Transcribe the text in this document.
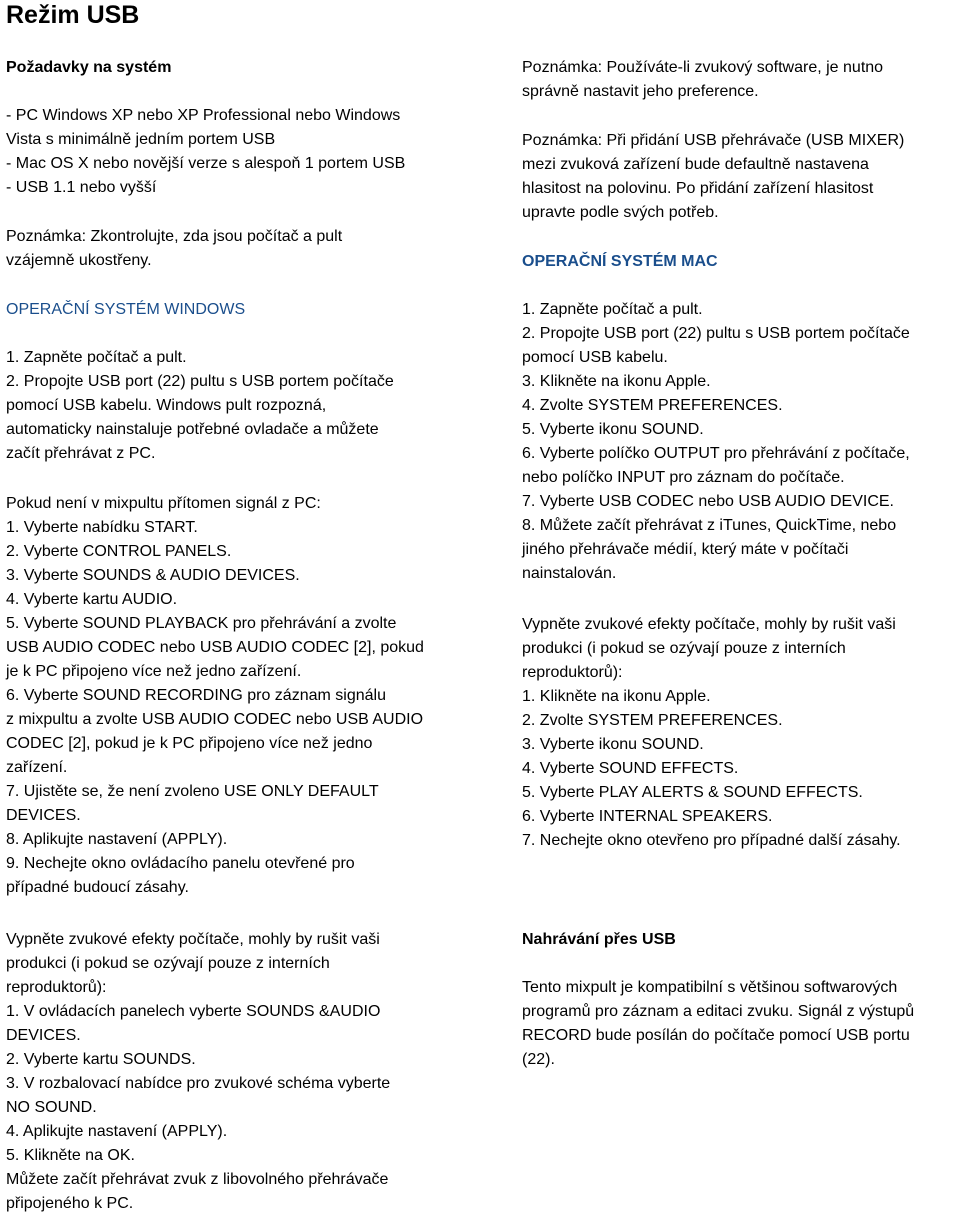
Režim USB

Požadavky na systém

- PC Windows XP nebo XP Professional nebo Windows
Vista s minimálně jedním portem USB
- Mac OS X nebo novější verze s alespoň 1 portem USB
- USB 1.1 nebo vyšší

Poznámka: Zkontrolujte, zda jsou počítač a pult
vzájemně ukostřeny.

OPERAČNÍ SYSTÉM WINDOWS

1. Zapněte počítač a pult.
2. Propojte USB port (22) pultu s USB portem počítače
pomocí USB kabelu. Windows pult rozpozná,
automaticky nainstaluje potřebné ovladače a můžete
začít přehrávat z PC.

Pokud není v mixpultu přítomen signál z PC:
1. Vyberte nabídku START.
2. Vyberte CONTROL PANELS.
3. Vyberte SOUNDS & AUDIO DEVICES.
4. Vyberte kartu AUDIO.
5. Vyberte SOUND PLAYBACK pro přehrávání a zvolte
USB AUDIO CODEC nebo USB AUDIO CODEC [2], pokud
je k PC připojeno více než jedno zařízení.
6. Vyberte SOUND RECORDING pro záznam signálu
z mixpultu a zvolte USB AUDIO CODEC nebo USB AUDIO
CODEC [2], pokud je k PC připojeno více než jedno
zařízení.
7. Ujistěte se, že není zvoleno USE ONLY DEFAULT
DEVICES.
8. Aplikujte nastavení (APPLY).
9. Nechejte okno ovládacího panelu otevřené pro
případné budoucí zásahy.

Vypněte zvukové efekty počítače, mohly by rušit vaši
produkci (i pokud se ozývají pouze z interních
reproduktorů):
1. V ovládacích panelech vyberte SOUNDS &AUDIO
DEVICES.
2. Vyberte kartu SOUNDS.
3. V rozbalovací nabídce pro zvukové schéma vyberte
NO SOUND.
4. Aplikujte nastavení (APPLY).
5. Klikněte na OK.
Můžete začít přehrávat zvuk z libovolného přehrávače
připojeného k PC.

Poznámka: Používáte-li zvukový software, je nutno
správně nastavit jeho preference.

Poznámka: Při přidání USB přehrávače (USB MIXER)
mezi zvuková zařízení bude defaultně nastavena
hlasitost na polovinu. Po přidání zařízení hlasitost
upravte podle svých potřeb.

OPERAČNÍ SYSTÉM MAC

1. Zapněte počítač a pult.
2. Propojte USB port (22) pultu s USB portem počítače
pomocí USB kabelu.
3. Klikněte na ikonu Apple.
4. Zvolte SYSTEM PREFERENCES.
5. Vyberte ikonu SOUND.
6. Vyberte políčko OUTPUT pro přehrávání z počítače,
nebo políčko INPUT pro záznam do počítače.
7. Vyberte USB CODEC nebo USB AUDIO DEVICE.
8. Můžete začít přehrávat z iTunes, QuickTime, nebo
jiného přehrávače médií, který máte v počítači
nainstalován.

Vypněte zvukové efekty počítače, mohly by rušit vaši
produkci (i pokud se ozývají pouze z interních
reproduktorů):
1. Klikněte na ikonu Apple.
2. Zvolte SYSTEM PREFERENCES.
3. Vyberte ikonu SOUND.
4. Vyberte SOUND EFFECTS.
5. Vyberte PLAY ALERTS & SOUND EFFECTS.
6. Vyberte INTERNAL SPEAKERS.
7. Nechejte okno otevřeno pro případné další zásahy.

Nahrávání přes USB

Tento mixpult je kompatibilní s většinou softwarových
programů pro záznam a editaci zvuku. Signál z výstupů
RECORD bude posílán do počítače pomocí USB portu
(22).
